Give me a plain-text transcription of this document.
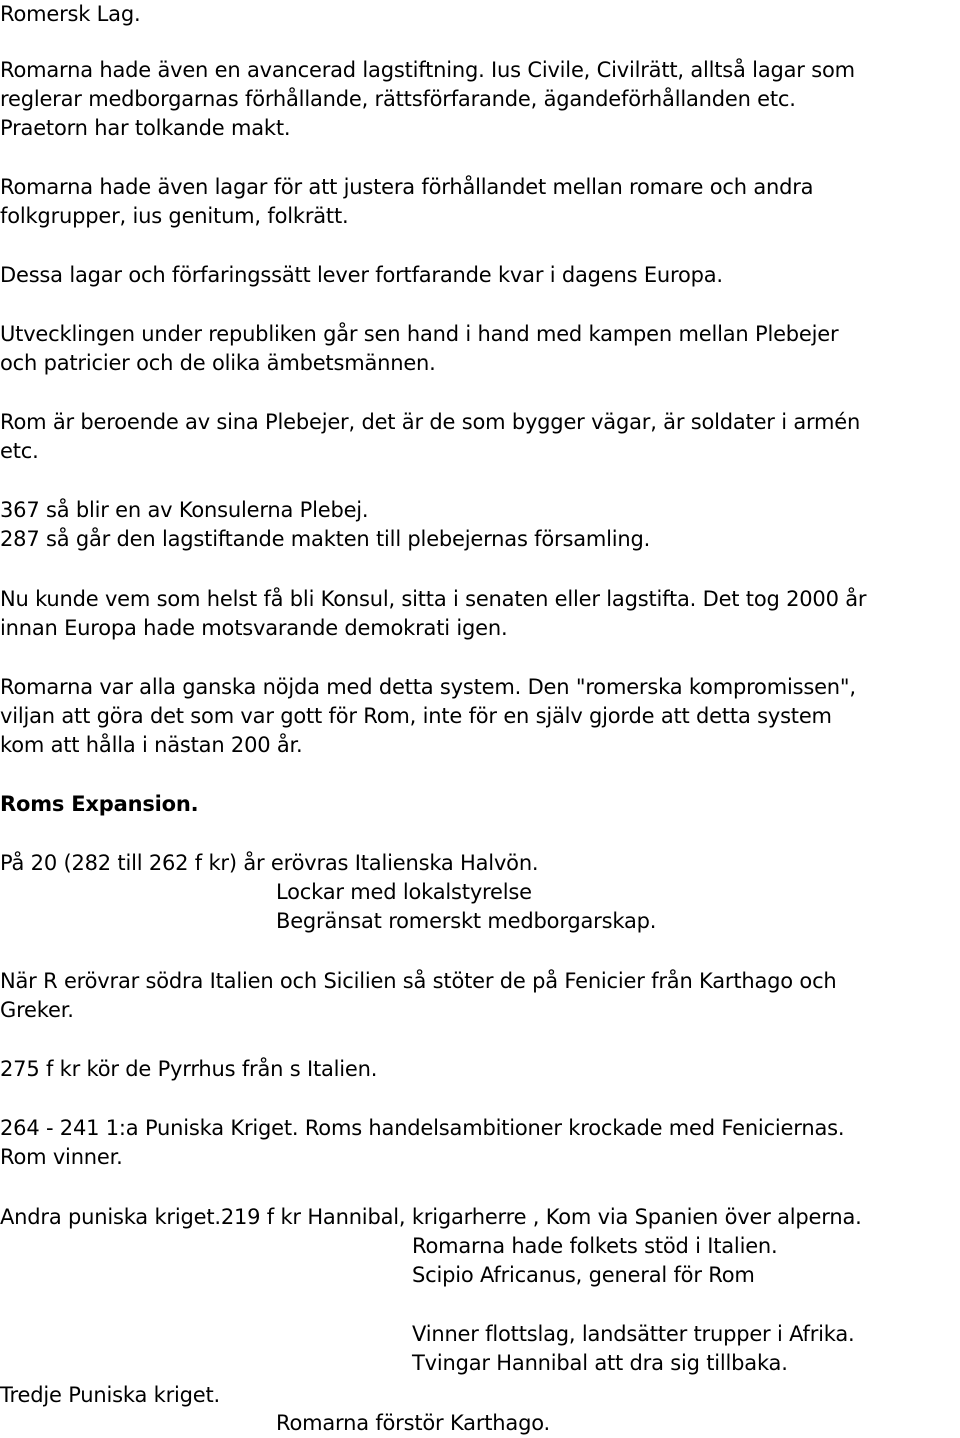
Romersk Lag.
Romarna hade även en avancerad lagstiftning. Ius Civile, Civilrätt, alltså lagar som
reglerar medborgarnas förhållande, rättsförfarande, ägandeförhållanden etc.
Praetorn har tolkande makt.
Romarna hade även lagar för att justera förhållandet mellan romare och andra
folkgrupper, ius genitum, folkrätt.
Dessa lagar och förfaringssätt lever fortfarande kvar i dagens Europa.
Utvecklingen under republiken går sen hand i hand med kampen mellan Plebejer
och patricier och de olika ämbetsmännen.
Rom är beroende av sina Plebejer, det är de som bygger vägar, är soldater i armén
etc.
367 så blir en av Konsulerna Plebej.
287 så går den lagstiftande makten till plebejernas församling.
Nu kunde vem som helst få bli Konsul, sitta i senaten eller lagstifta. Det tog 2000 år
innan Europa hade motsvarande demokrati igen.
Romarna var alla ganska nöjda med detta system. Den "romerska kompromissen",
viljan att göra det som var gott för Rom, inte för en själv gjorde att detta system
kom att hålla i nästan 200 år.
Roms Expansion.
På 20 (282 till 262 f kr) år erövras Italienska Halvön.
Lockar med lokalstyrelse
Begränsat romerskt medborgarskap.
När R erövrar södra Italien och Sicilien så stöter de på Fenicier från Karthago och
Greker.
275 f kr kör de Pyrrhus från s Italien.
264 - 241 1:a Puniska Kriget. Roms handelsambitioner krockade med Feniciernas.
Rom vinner.
Andra puniska kriget.219 f kr Hannibal, krigarherre , Kom via Spanien över alperna.
Romarna hade folkets stöd i Italien.
Scipio Africanus, general för Rom
Vinner flottslag, landsätter trupper i Afrika.
Tvingar Hannibal att dra sig tillbaka.
Tredje Puniska kriget.
Romarna förstör Karthago.
